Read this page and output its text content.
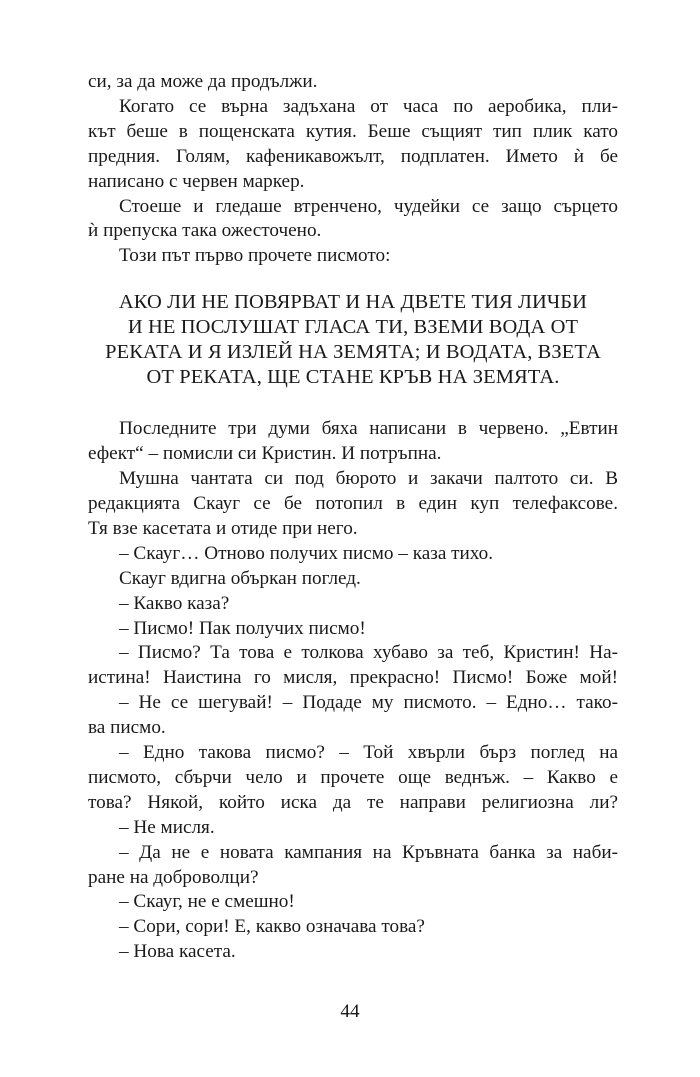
си, за да може да продължи.

Когато се върна задъхана от часа по аеробика, пли-
кът беше в пощенската кутия. Беше същият тип плик като
предния. Голям, кафеникавожълт, подплатен. Името ѝ бе
написано с червен маркер.

Стоеше и гледаше втренчено, чудейки се защо сърцето
ѝ препуска така ожесточено.

Този път първо прочете писмото:

АКО ЛИ НЕ ПОВЯРВАТ И НА ДВЕТЕ ТИЯ ЛИЧБИ
И НЕ ПОСЛУШАТ ГЛАСА ТИ, ВЗЕМИ ВОДА ОТ
РЕКАТА И Я ИЗЛЕЙ НА ЗЕМЯТА; И ВОДАТА, ВЗЕТА
ОТ РЕКАТА, ЩЕ СТАНЕ КРЪВ НА ЗЕМЯТА.

Последните три думи бяха написани в червено. „Евтин
ефект“ – помисли си Кристин. И потръпна.

Мушна чантата си под бюрото и закачи палтото си. В
редакцията Скауг се бе потопил в един куп телефаксове.
Тя взе касетата и отиде при него.

– Скауг… Отново получих писмо – каза тихо.

Скауг вдигна объркан поглед.

– Какво каза?

– Писмо! Пак получих писмо!

– Писмо? Та това е толкова хубаво за теб, Кристин! На-
истина! Наистина го мисля, прекрасно! Писмо! Боже мой!

– Не се шегувай! – Подаде му писмото. – Едно… тако-
ва писмо.

– Едно такова писмо? – Той хвърли бърз поглед на
писмото, сбърчи чело и прочете още веднъж. – Какво е
това? Някой, който иска да те направи религиозна ли?

– Не мисля.

– Да не е новата кампания на Кръвната банка за наби-
ране на доброволци?

– Скауг, не е смешно!

– Сори, сори! Е, какво означава това?

– Нова касета.

44
